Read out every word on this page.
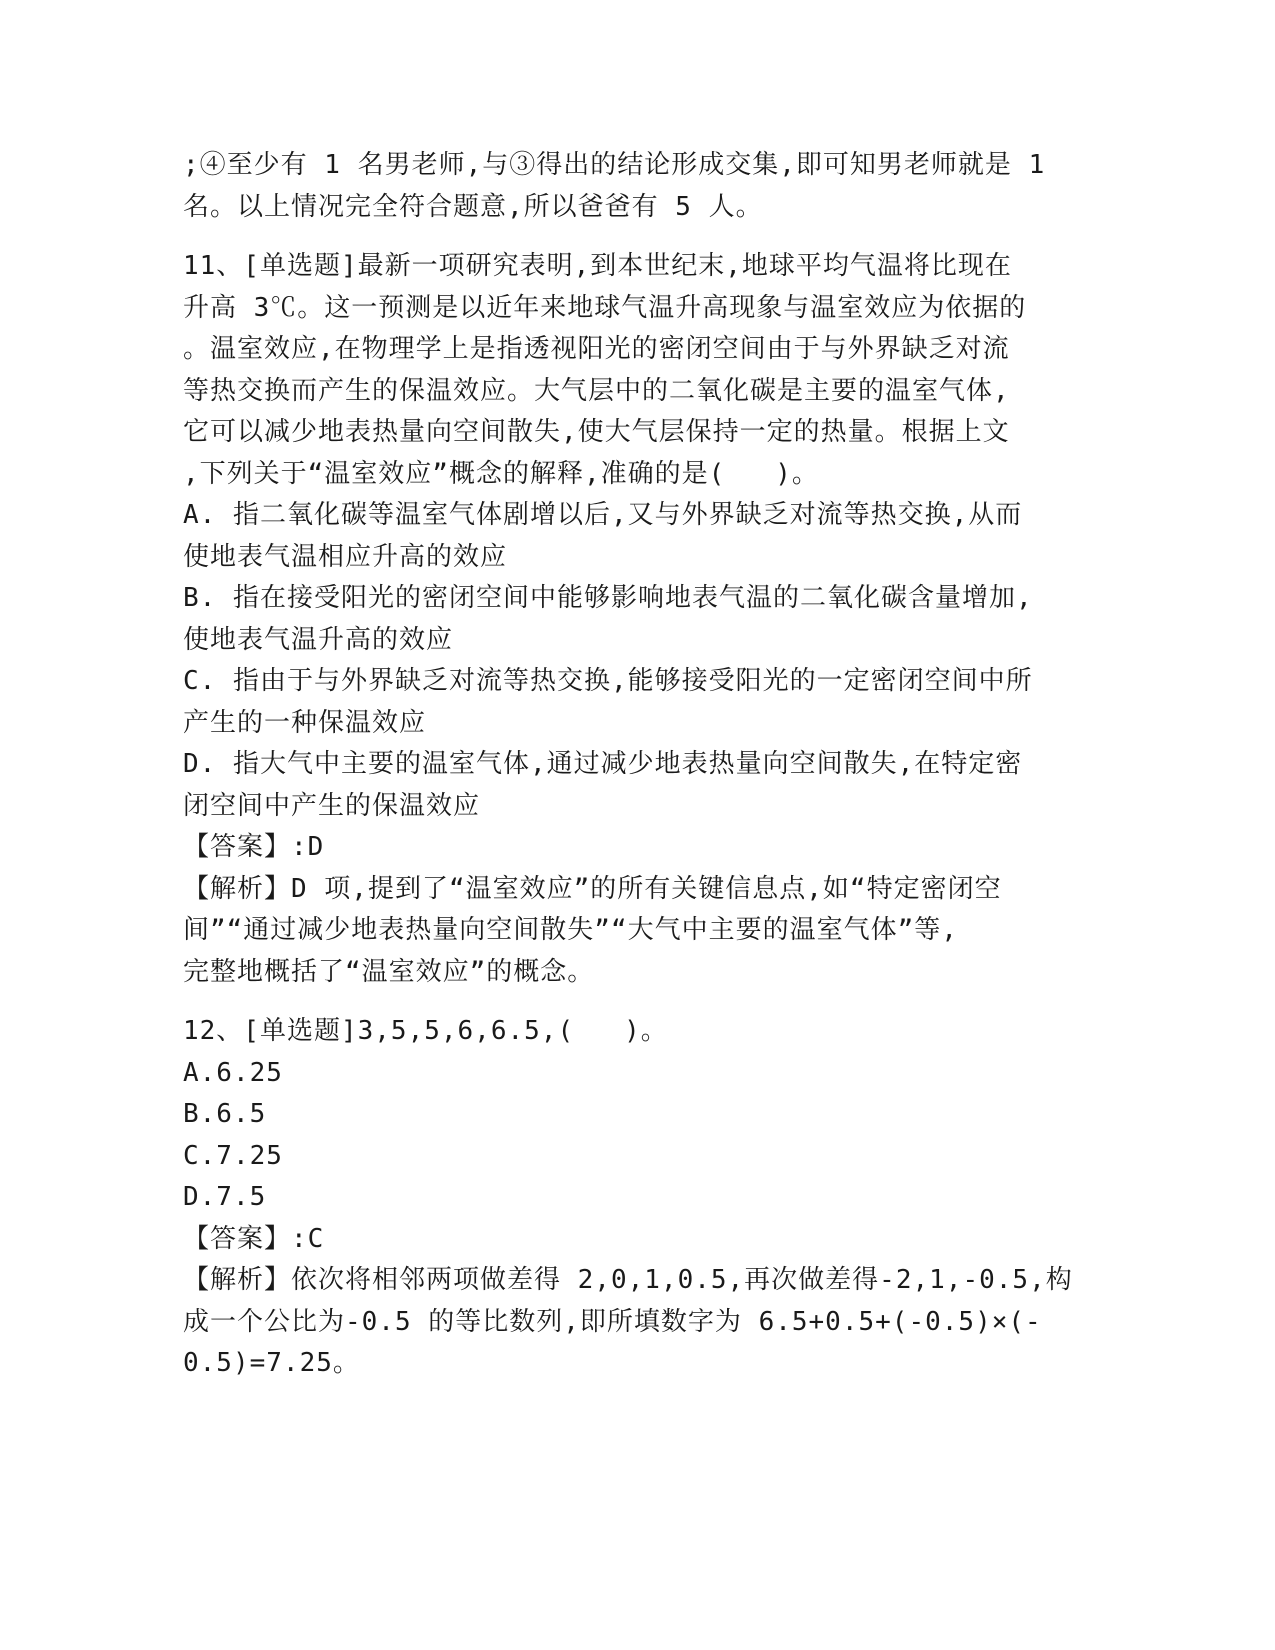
;④至少有 1 名男老师,与③得出的结论形成交集,即可知男老师就是 1
名。以上情况完全符合题意,所以爸爸有 5 人。
11、[单选题]最新一项研究表明,到本世纪末,地球平均气温将比现在
升高 3℃。这一预测是以近年来地球气温升高现象与温室效应为依据的
。温室效应,在物理学上是指透视阳光的密闭空间由于与外界缺乏对流
等热交换而产生的保温效应。大气层中的二氧化碳是主要的温室气体,
它可以减少地表热量向空间散失,使大气层保持一定的热量。根据上文
,下列关于“温室效应”概念的解释,准确的是(   )。
A. 指二氧化碳等温室气体剧增以后,又与外界缺乏对流等热交换,从而
使地表气温相应升高的效应
B. 指在接受阳光的密闭空间中能够影响地表气温的二氧化碳含量增加,
使地表气温升高的效应
C. 指由于与外界缺乏对流等热交换,能够接受阳光的一定密闭空间中所
产生的一种保温效应
D. 指大气中主要的温室气体,通过减少地表热量向空间散失,在特定密
闭空间中产生的保温效应
【答案】:D
【解析】D 项,提到了“温室效应”的所有关键信息点,如“特定密闭空
间”“通过减少地表热量向空间散失”“大气中主要的温室气体”等,
完整地概括了“温室效应”的概念。
12、[单选题]3,5,5,6,6.5,(   )。
A.6.25
B.6.5
C.7.25
D.7.5
【答案】:C
【解析】依次将相邻两项做差得 2,0,1,0.5,再次做差得-2,1,-0.5,构
成一个公比为-0.5 的等比数列,即所填数字为 6.5+0.5+(-0.5)×(-
0.5)=7.25。
